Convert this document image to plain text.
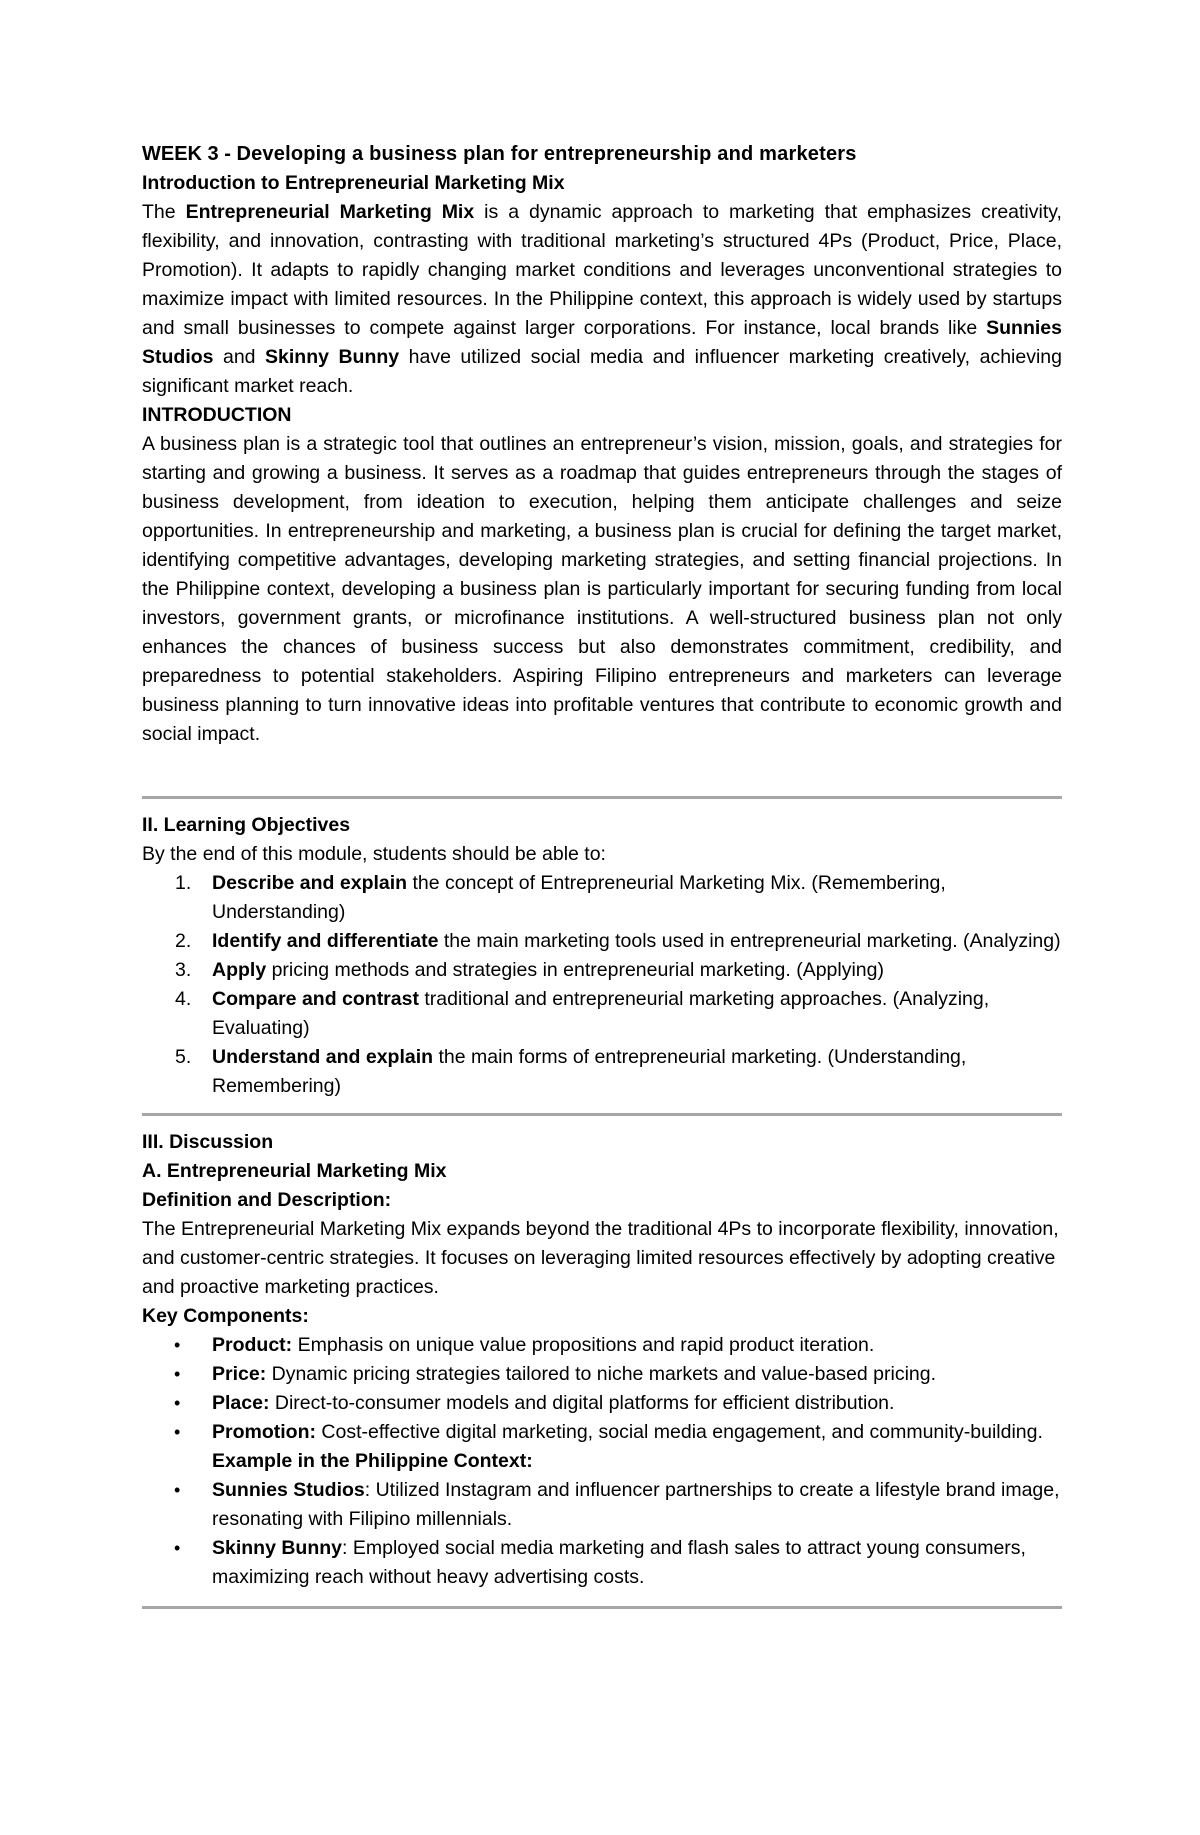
WEEK 3 - Developing a business plan for entrepreneurship and marketers

Introduction to Entrepreneurial Marketing Mix

The Entrepreneurial Marketing Mix is a dynamic approach to marketing that emphasizes creativity, flexibility, and innovation, contrasting with traditional marketing’s structured 4Ps (Product, Price, Place, Promotion). It adapts to rapidly changing market conditions and leverages unconventional strategies to maximize impact with limited resources. In the Philippine context, this approach is widely used by startups and small businesses to compete against larger corporations. For instance, local brands like Sunnies Studios and Skinny Bunny have utilized social media and influencer marketing creatively, achieving significant market reach.

INTRODUCTION

A business plan is a strategic tool that outlines an entrepreneur’s vision, mission, goals, and strategies for starting and growing a business. It serves as a roadmap that guides entrepreneurs through the stages of business development, from ideation to execution, helping them anticipate challenges and seize opportunities. In entrepreneurship and marketing, a business plan is crucial for defining the target market, identifying competitive advantages, developing marketing strategies, and setting financial projections. In the Philippine context, developing a business plan is particularly important for securing funding from local investors, government grants, or microfinance institutions. A well-structured business plan not only enhances the chances of business success but also demonstrates commitment, credibility, and preparedness to potential stakeholders. Aspiring Filipino entrepreneurs and marketers can leverage business planning to turn innovative ideas into profitable ventures that contribute to economic growth and social impact.

II. Learning Objectives

By the end of this module, students should be able to:

1. Describe and explain the concept of Entrepreneurial Marketing Mix. (Remembering, Understanding)
2. Identify and differentiate the main marketing tools used in entrepreneurial marketing. (Analyzing)
3. Apply pricing methods and strategies in entrepreneurial marketing. (Applying)
4. Compare and contrast traditional and entrepreneurial marketing approaches. (Analyzing, Evaluating)
5. Understand and explain the main forms of entrepreneurial marketing. (Understanding, Remembering)

III. Discussion

A. Entrepreneurial Marketing Mix

Definition and Description:

The Entrepreneurial Marketing Mix expands beyond the traditional 4Ps to incorporate flexibility, innovation, and customer-centric strategies. It focuses on leveraging limited resources effectively by adopting creative and proactive marketing practices.

Key Components:

• Product: Emphasis on unique value propositions and rapid product iteration.
• Price: Dynamic pricing strategies tailored to niche markets and value-based pricing.
• Place: Direct-to-consumer models and digital platforms for efficient distribution.
• Promotion: Cost-effective digital marketing, social media engagement, and community-building.
Example in the Philippine Context:
• Sunnies Studios: Utilized Instagram and influencer partnerships to create a lifestyle brand image, resonating with Filipino millennials.
• Skinny Bunny: Employed social media marketing and flash sales to attract young consumers, maximizing reach without heavy advertising costs.
